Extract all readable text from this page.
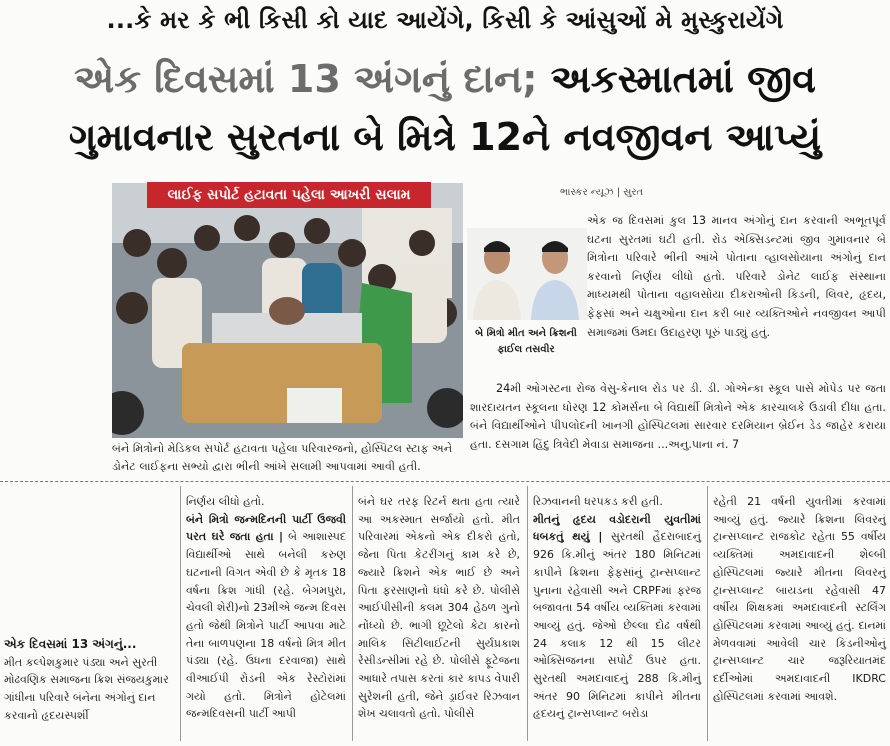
...કે મર કે ભી કિસી કો યાદ આયેંગે, કિસી કે આંસુઓં મે મુસ્કુરાયેંગે
એક દિવસમાં 13 અંગનું દાન; અકસ્માતમાં જીવ
ગુમાવનાર સુરતના બે મિત્રે 12ને નવજીવન આપ્યું
લાઈફ સપોર્ટ હટાવતા પહેલા આખરી સલામ
બંને મિત્રોનો મેડિકલ સપોર્ટ હટાવતા પહેલા પરિવારજનો, હોસ્પિટલ સ્ટાફ અને ડોનેટ લાઈફના સભ્યો દ્વારા ભીની આંખે સલામી આપવામાં આવી હતી.
ભાસ્કર ન્યૂઝ | સુરત
બે મિત્રો મીત અને ક્રિશની ફાઈલ તસવીર
એક જ દિવસમાં કુલ 13 માનવ અંગોનું દાન કરવાની અભૂતપૂર્વ ઘટના સુરતમાં ઘટી હતી. રોડ એક્સિડન્ટમાં જીવ ગુમાવનાર બે મિત્રોના પરિવારે ભીની આંખે પોતાના વ્હાલસોયાના અંગોનું દાન કરવાનો નિર્ણય લીધો હતો. પરિવારે ડોનેટ લાઈફ સંસ્થાના માધ્યમથી પોતાના વહાલસોયા દીકરાઓની કિડની, લિવર, હૃદય, ફેફસાં અને ચક્ષુઓના દાન કરી બાર વ્યક્તિઓને નવજીવન આપી સમાજમાં ઉમદા ઉદાહરણ પૂરું પાડ્યું હતું.
24મી ઓગસ્ટના રોજ વેસુ-કેનાલ રોડ પર ડી. ડી. ગોએન્કા સ્કૂલ પાસે મોપેડ પર જતા શારદાયતન સ્કૂલના ધોરણ 12 કોમર્સના બે વિદ્યાર્થી મિત્રોને એક કારચાલકે ઉડાવી દીધા હતા. બંને વિદ્યાર્થીઓને પીપલોદની ખાનગી હોસ્પિટલમાં સારવાર દરમિયાન બ્રેઈન ડેડ જાહેર કરાયા હતા. દસગામ હિંદુ ત્રિવેદી મેવાડા સમાજના ...અનુ.પાના નં. 7
એક દિવસમાં 13 અંગનું...
મીત કલ્પેશકુમાર પંડ્યા અને સુરતી મોઢવણિક સમાજના ક્રિશ સંજયકુમાર ગાંધીના પરિવારે બંનેના અંગોનું દાન કરવાનો હૃદયસ્પર્શી
નિર્ણય લીધો હતો.
બંને મિત્રો જન્મદિનની પાર્ટી ઉજવી પરત ઘરે જતા હતા | બે આશાસ્પદ વિદ્યાર્થીઓ સાથે બનેલી કરુણ ઘટનાની વિગત એવી છે કે મૃતક 18 વર્ષના ક્રિશ ગાંધી (રહે. બેગમપુરા, ચેવલી શેરી)નો 23મીએ જન્મ દિવસ હતો જેથી મિત્રોને પાર્ટી આપવા માટે તેના બાળપણના 18 વર્ષનો મિત્ર મીત પંડ્યા (રહે. ઉધના દરવાજા) સાથે વીઆઈપી રોડની એક રેસ્ટોરાંમાં ગયો હતો. મિત્રોને હોટેલમાં જન્મદિવસની પાર્ટી આપી
બંને ઘર તરફ રિટર્ન થતા હતા ત્યારે આ અકસ્માત સર્જાયો હતો. મીત પરિવારમાં એકનો એક દીકરો હતો, જેના પિતા કેટરીંગનું કામ કરે છે, જ્યારે ક્રિશને એક ભાઈ છે અને પિતા ફરસાણનો ધંધો કરે છે. પોલીસે આઈપીસીની કલમ 304 હેઠળ ગુનો નોંધ્યો છે. ભાગી છૂટેલો કેટા કારનો માલિક સિટીલાઈટની સુર્યપ્રકાશ રેસીડન્સીમાં રહે છે. પોલીસે ફૂટેજના આધારે તપાસ કરતાં કાર કાપડ વેપારી સુરેશની હતી, જેને ડ્રાઈવર રિઝવાન શેખ ચલાવતો હતો. પોલીસે
રિઝવાનની ધરપકડ કરી હતી.
મીતનું હૃદય વડોદરાની યુવતીમાં ધબકતું થયું | સુરતથી હૈદરાબાદનું 926 કિ.મીનું અંતર 180 મિનિટમાં કાપીને ક્રિશના ફેફસાંનું ટ્રાન્સપ્લાન્ટ પુનાના રહેવાસી અને CRPFમાં ફરજ બજાવતા 54 વર્ષીય વ્યક્તિમાં કરવામાં આવ્યું હતું. જેઓ છેલ્લા દોઢ વર્ષથી 24 કલાક 12 થી 15 લીટર ઓક્સિજનના સપોર્ટ ઉપર હતા. સુરતથી અમદાવાદનું 288 કિ.મીનું અંતર 90 મિનિટમાં કાપીને મીતના હૃદયનું ટ્રાન્સપ્લાન્ટ બરોડા
રહેતી 21 વર્ષની યુવતીમાં કરવામાં આવ્યું હતું. જ્યારે ક્રિશના લિવરનું ટ્રાન્સપ્લાન્ટ રાજકોટ રહેતા 55 વર્ષીય વ્યક્તિમાં અમદાવાદની શેલ્બી હોસ્પિટલમાં જ્યારે મીતના લિવરનું ટ્રાન્સપ્લાન્ટ બાયડના રહેવાસી 47 વર્ષીય શિક્ષકમાં અમદાવાદની સ્ટર્લિંગ હોસ્પિટલમાં કરવામાં આવ્યું હતું. દાનમાં મેળવવામાં આવેલી ચાર કિડનીઓનું ટ્રાન્સપ્લાન્ટ ચાર જરૂરિયાતમંદ દર્દીઓમાં અમદાવાદની IKDRC હોસ્પિટલમાં કરવામાં આવશે.
